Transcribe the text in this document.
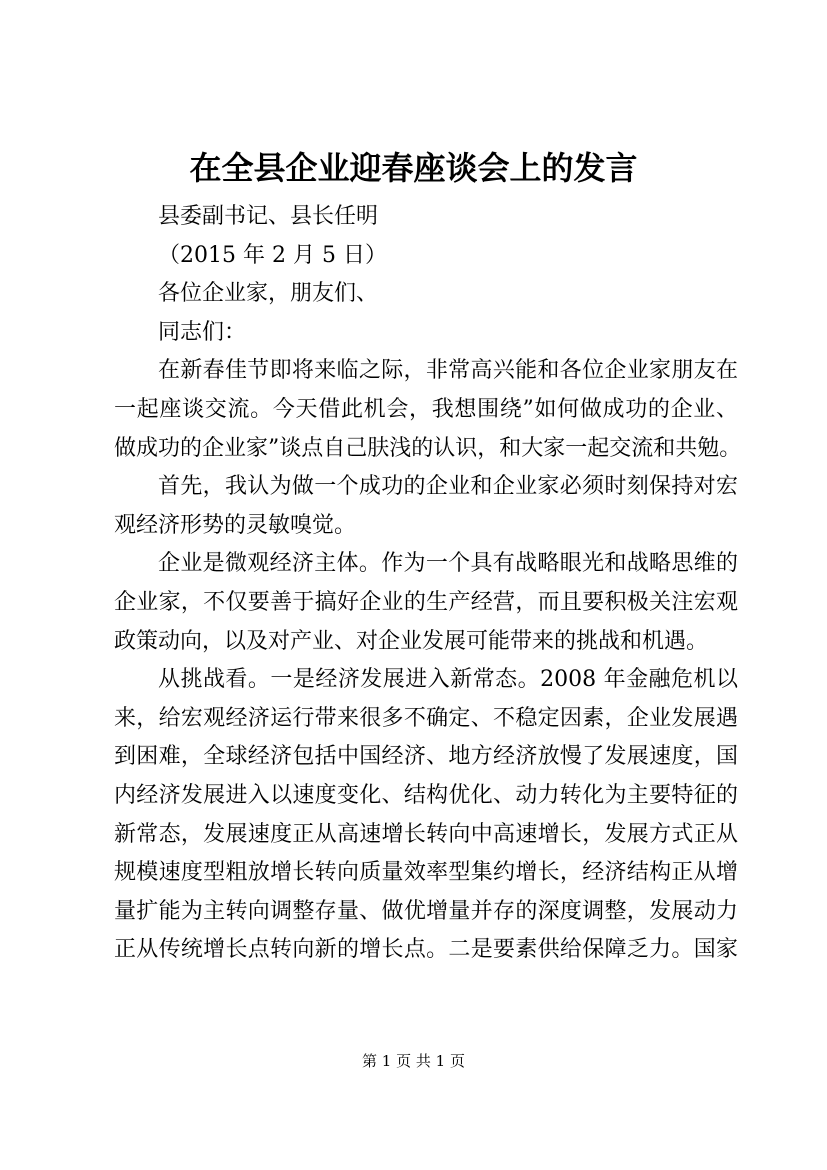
在全县企业迎春座谈会上的发言
县委副书记、县长任明
（2015 年 2 月 5 日）
各位企业家，朋友们、
同志们：
在新春佳节即将来临之际，非常高兴能和各位企业家朋友在
一起座谈交流。今天借此机会，我想围绕”如何做成功的企业、
做成功的企业家”谈点自己肤浅的认识，和大家一起交流和共勉。
首先，我认为做一个成功的企业和企业家必须时刻保持对宏
观经济形势的灵敏嗅觉。
企业是微观经济主体。作为一个具有战略眼光和战略思维的
企业家，不仅要善于搞好企业的生产经营，而且要积极关注宏观
政策动向，以及对产业、对企业发展可能带来的挑战和机遇。
从挑战看。一是经济发展进入新常态。2008 年金融危机以
来，给宏观经济运行带来很多不确定、不稳定因素，企业发展遇
到困难，全球经济包括中国经济、地方经济放慢了发展速度，国
内经济发展进入以速度变化、结构优化、动力转化为主要特征的
新常态，发展速度正从高速增长转向中高速增长，发展方式正从
规模速度型粗放增长转向质量效率型集约增长，经济结构正从增
量扩能为主转向调整存量、做优增量并存的深度调整，发展动力
正从传统增长点转向新的增长点。二是要素供给保障乏力。国家
第 1 页 共 1 页
